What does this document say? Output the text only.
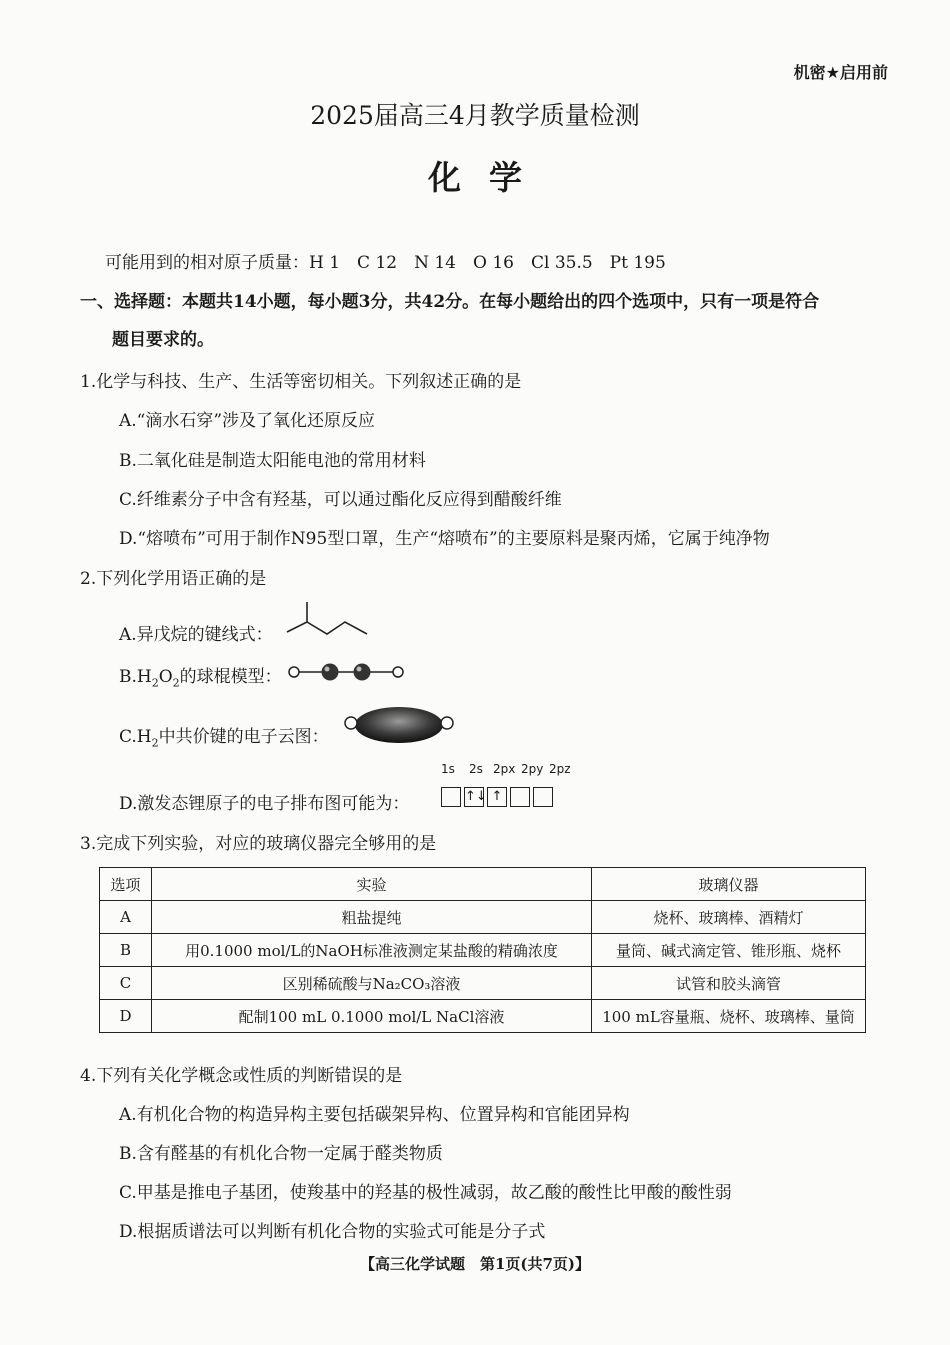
机密★启用前
2025届高三4月教学质量检测
化学
可能用到的相对原子质量：H 1　C 12　N 14　O 16　Cl 35.5　Pt 195
一、选择题：本题共14小题，每小题3分，共42分。在每小题给出的四个选项中，只有一项是符合
题目要求的。
1.化学与科技、生产、生活等密切相关。下列叙述正确的是
A.“滴水石穿”涉及了氧化还原反应
B.二氧化硅是制造太阳能电池的常用材料
C.纤维素分子中含有羟基，可以通过酯化反应得到醋酸纤维
D.“熔喷布”可用于制作N95型口罩，生产“熔喷布”的主要原料是聚丙烯，它属于纯净物
2.下列化学用语正确的是
A.异戊烷的键线式：
$B.H_2O_2$的球棍模型：
$C.H_2$中共价键的电子云图：
1s 2s 2px 2py 2pz
D.激发态锂原子的电子排布图可能为：	↑↓ ↑
3.完成下列实验，对应的玻璃仪器完全够用的是
选项	实验	玻璃仪器
A	粗盐提纯	烧杯、玻璃棒、酒精灯
B	用0.1000 mol/L的NaOH标准液测定某盐酸的精确浓度	量筒、碱式滴定管、锥形瓶、烧杯
C	区别稀硫酸与Na₂CO₃溶液	试管和胶头滴管
D	配制100 mL 0.1000 mol/L NaCl溶液	100 mL容量瓶、烧杯、玻璃棒、量筒
4.下列有关化学概念或性质的判断错误的是
A.有机化合物的构造异构主要包括碳架异构、位置异构和官能团异构
B.含有醛基的有机化合物一定属于醛类物质
C.甲基是推电子基团，使羧基中的羟基的极性减弱，故乙酸的酸性比甲酸的酸性弱
D.根据质谱法可以判断有机化合物的实验式可能是分子式
【高三化学试题　第1页(共7页)】
